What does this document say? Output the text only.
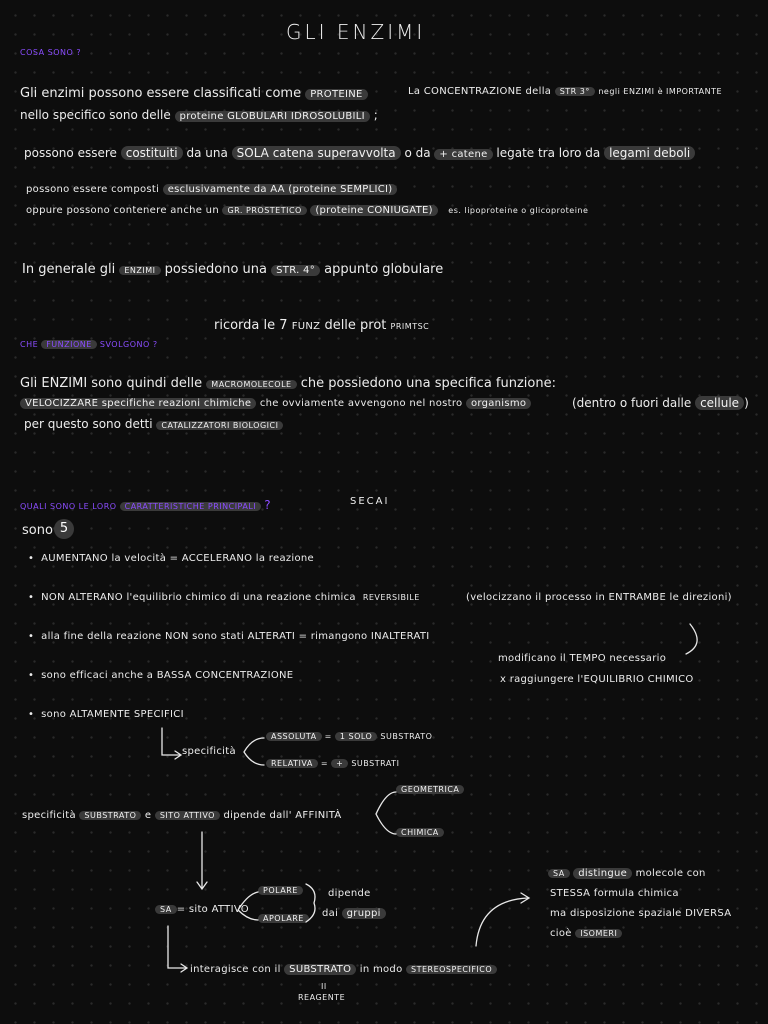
GLI ENZIMI
COSA SONO ?
Gli enzimi possono essere classificati come PROTEINE	La CONCENTRAZIONE della STR 3° negli ENZIMI è IMPORTANTE
nello specifico sono delle proteine GLOBULARI IDROSOLUBILI ;
possono essere costituiti da una SOLA catena superavvolta o da + catene legate tra loro da legami deboli
possono essere composti esclusivamente da AA (proteine SEMPLICI)
oppure possono contenere anche un GR. PROSTETICO (proteine CONIUGATE) es. lipoproteine o glicoproteine
In generale gli ENZIMI possiedono una STR. 4° appunto globulare
ricorda le 7 FUNZ delle prot PRIMTSC
CHE FUNZIONE SVOLGONO ?
Gli ENZIMI sono quindi delle MACROMOLECOLE che possiedono una specifica funzione:
VELOCIZZARE specifiche reazioni chimiche che ovviamente avvengono nel nostro organismo	(dentro o fuori dalle cellule )
per questo sono detti CATALIZZATORI BIOLOGICI
QUALI SONO LE LORO CARATTERISTICHE PRINCIPALI ?	SECAI
sono 5
•  AUMENTANO la velocità = ACCELERANO la reazione
•  NON ALTERANO l'equilibrio chimico di una reazione chimica REVERSIBILE	(velocizzano il processo in ENTRAMBE le direzioni)
•  alla fine della reazione NON sono stati ALTERATI = rimangono INALTERATI
•  sono efficaci anche a BASSA CONCENTRAZIONE
•  sono ALTAMENTE SPECIFICI
modificano il TEMPO necessario
x raggiungere l'EQUILIBRIO CHIMICO
specificità
ASSOLUTA = 1 SOLO SUBSTRATO
RELATIVA = + SUBSTRATI
specificità SUBSTRATO e SITO ATTIVO dipende dall' AFFINITÀ
GEOMETRICA
CHIMICA
SA = sito ATTIVO
POLARE
APOLARE
dipende
dai gruppi
interagisce con il SUBSTRATO in modo STEREOSPECIFICO
II
REAGENTE
SA distingue molecole con
STESSA formula chimica
ma disposizione spaziale DIVERSA
cioè ISOMERI
